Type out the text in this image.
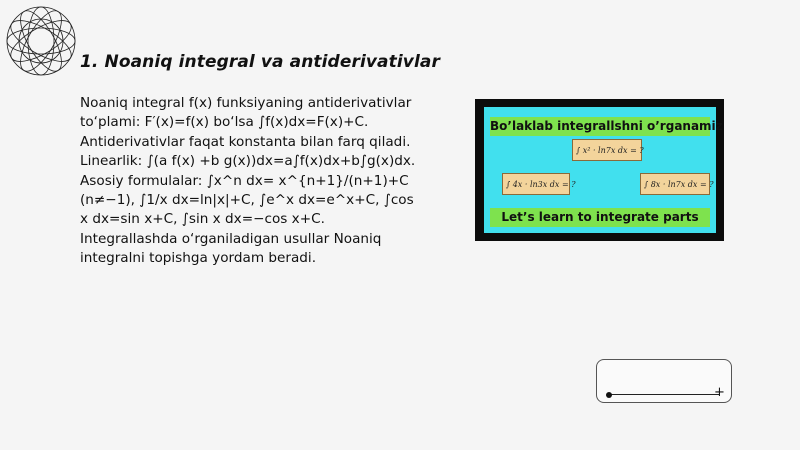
1. Noaniq integral va antiderivativlar
Noaniq integral f(x) funksiyaning antiderivativlar to‘plami: F′(x)=f(x) bo‘lsa ∫f(x)dx=F(x)+C. Antiderivativlar faqat konstanta bilan farq qiladi. Linearlik: ∫(a f(x) +b g(x))dx=a∫f(x)dx+b∫g(x)dx. Asosiy formulalar: ∫x^n dx= x^{n+1}/(n+1)+C (n≠−1), ∫1/x dx=ln|x|+C, ∫e^x dx=e^x+C, ∫cos x dx=sin x+C, ∫sin x dx=−cos x+C. Integrallashda o‘rganiladigan usullar Noaniq integralni topishga yordam beradi.
Bo’laklab integrallshni o’rganamiz
∫ x² · ln7x dx = ?
∫ 4x · ln3x dx = ?	∫ 8x · ln7x dx = ?
Let’s learn to integrate parts
+
